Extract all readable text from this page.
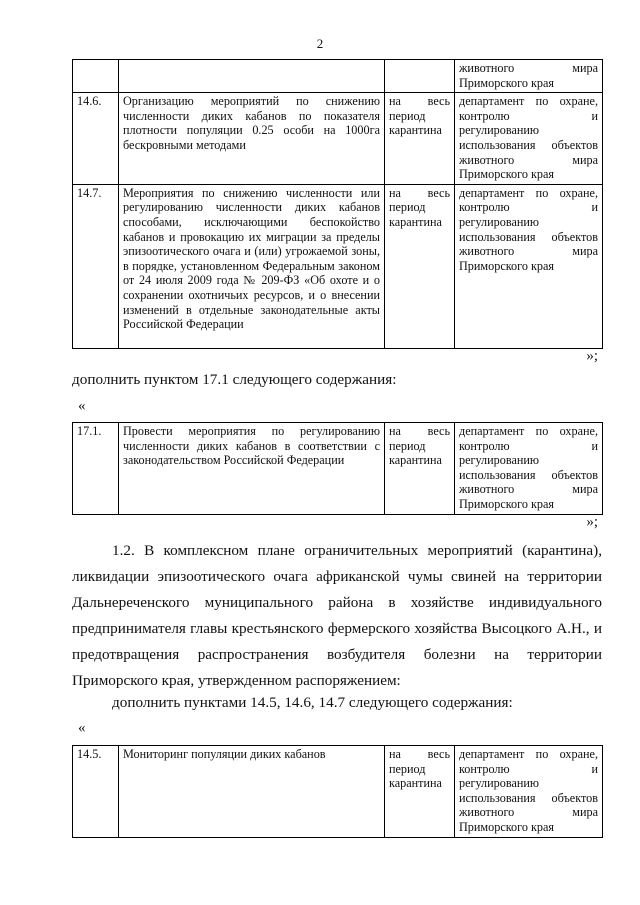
2
			животного мира Приморского края
14.6.	Организацию мероприятий по снижению численности диких кабанов по показателя плотности популяции 0.25 особи на 1000га бескровными методами	на весь период карантина	департамент по охране, контролю и регулированию использования объектов животного мира Приморского края
14.7.	Мероприятия по снижению численности или регулированию численности диких кабанов способами, исключающими беспокойство кабанов и провокацию их миграции за пределы эпизоотического очага и (или) угрожаемой зоны, в порядке, установленном Федеральным законом от 24 июля 2009 года № 209-ФЗ «Об охоте и о сохранении охотничьих ресурсов, и о внесении изменений в отдельные законодательные акты Российской Федерации	на весь период карантина	департамент по охране, контролю и регулированию использования объектов животного мира Приморского края
»;
дополнить пунктом 17.1 следующего содержания:
«
17.1.	Провести мероприятия по регулированию численности диких кабанов в соответствии с законодательством Российской Федерации	на весь период карантина	департамент по охране, контролю и регулированию использования объектов животного мира Приморского края
»;
1.2. В комплексном плане ограничительных мероприятий (карантина), ликвидации эпизоотического очага африканской чумы свиней на территории Дальнереченского муниципального района в хозяйстве индивидуального предпринимателя главы крестьянского фермерского хозяйства Высоцкого А.Н., и предотвращения распространения возбудителя болезни на территории Приморского края, утвержденном распоряжением:
дополнить пунктами 14.5, 14.6, 14.7 следующего содержания:
«
14.5.	Мониторинг популяции диких кабанов	на весь период карантина	департамент по охране, контролю и регулированию использования объектов животного мира Приморского края
